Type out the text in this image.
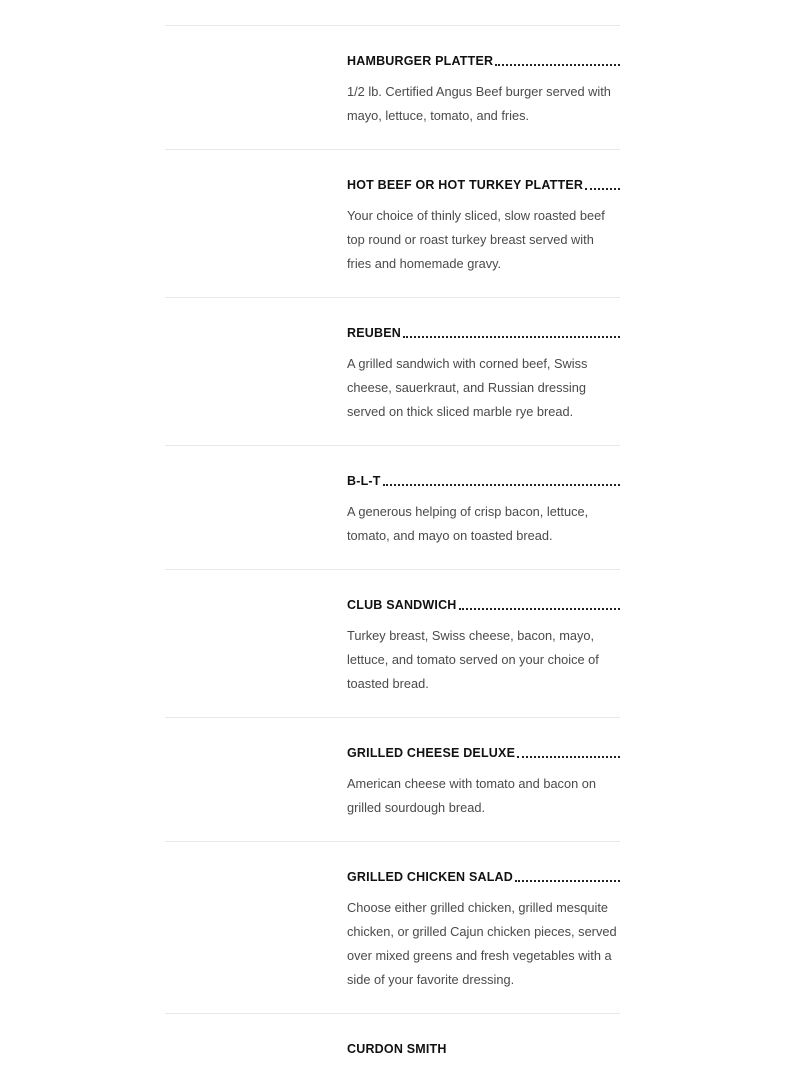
HAMBURGER PLATTER
1/2 lb. Certified Angus Beef burger served with mayo, lettuce, tomato, and fries.
HOT BEEF OR HOT TURKEY PLATTER
Your choice of thinly sliced, slow roasted beef top round or roast turkey breast served with fries and homemade gravy.
REUBEN
A grilled sandwich with corned beef, Swiss cheese, sauerkraut, and Russian dressing served on thick sliced marble rye bread.
B-L-T
A generous helping of crisp bacon, lettuce, tomato, and mayo on toasted bread.
CLUB SANDWICH
Turkey breast, Swiss cheese, bacon, mayo, lettuce, and tomato served on your choice of toasted bread.
GRILLED CHEESE DELUXE
American cheese with tomato and bacon on grilled sourdough bread.
GRILLED CHICKEN SALAD
Choose either grilled chicken, grilled mesquite chicken, or grilled Cajun chicken pieces, served over mixed greens and fresh vegetables with a side of your favorite dressing.
CURDON SMITH
